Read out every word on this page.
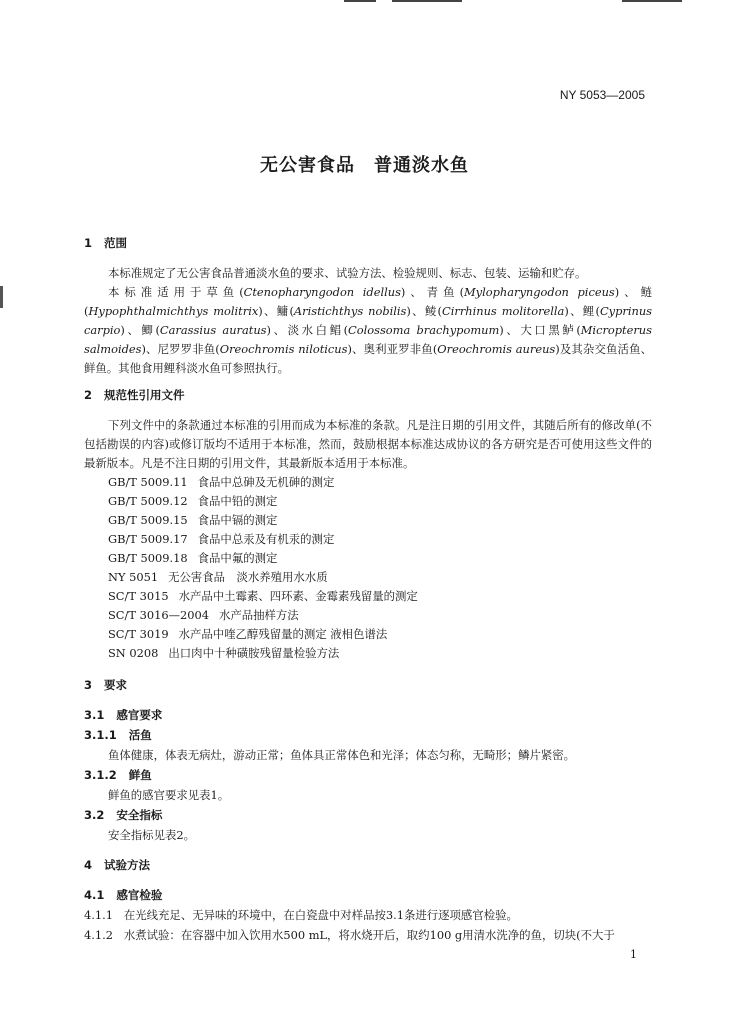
NY 5053—2005
无公害食品　普通淡水鱼
1 范围
本标准规定了无公害食品普通淡水鱼的要求、试验方法、检验规则、标志、包装、运输和贮存。
本标准适用于草鱼(Ctenopharyngodon idellus)、青鱼(Mylopharyngodon piceus)、鲢(Hypophthalmichthys molitrix)、鳙(Aristichthys nobilis)、鲮(Cirrhinus molitorella)、鲤(Cyprinus carpio)、鲫(Carassius auratus)、淡水白鲳(Colossoma brachypomum)、大口黑鲈(Micropterus salmoides)、尼罗罗非鱼(Oreochromis niloticus)、奥利亚罗非鱼(Oreochromis aureus)及其杂交鱼活鱼、鲜鱼。其他食用鲤科淡水鱼可参照执行。
2 规范性引用文件
下列文件中的条款通过本标准的引用而成为本标准的条款。凡是注日期的引用文件，其随后所有的修改单(不包括勘误的内容)或修订版均不适用于本标准，然而，鼓励根据本标准达成协议的各方研究是否可使用这些文件的最新版本。凡是不注日期的引用文件，其最新版本适用于本标准。
GB/T 5009.11 食品中总砷及无机砷的测定
GB/T 5009.12 食品中铅的测定
GB/T 5009.15 食品中镉的测定
GB/T 5009.17 食品中总汞及有机汞的测定
GB/T 5009.18 食品中氟的测定
NY 5051 无公害食品　淡水养殖用水水质
SC/T 3015 水产品中土霉素、四环素、金霉素残留量的测定
SC/T 3016—2004 水产品抽样方法
SC/T 3019 水产品中喹乙醇残留量的测定 液相色谱法
SN 0208 出口肉中十种磺胺残留量检验方法
3 要求
3.1 感官要求
3.1.1 活鱼
鱼体健康，体表无病灶，游动正常；鱼体具正常体色和光泽；体态匀称，无畸形；鳞片紧密。
3.1.2 鲜鱼
鲜鱼的感官要求见表1。
3.2 安全指标
安全指标见表2。
4 试验方法
4.1 感官检验
4.1.1 在光线充足、无异味的环境中，在白瓷盘中对样品按3.1条进行逐项感官检验。
4.1.2 水煮试验：在容器中加入饮用水500 mL，将水烧开后，取约100 g用清水洗净的鱼，切块(不大于
1
